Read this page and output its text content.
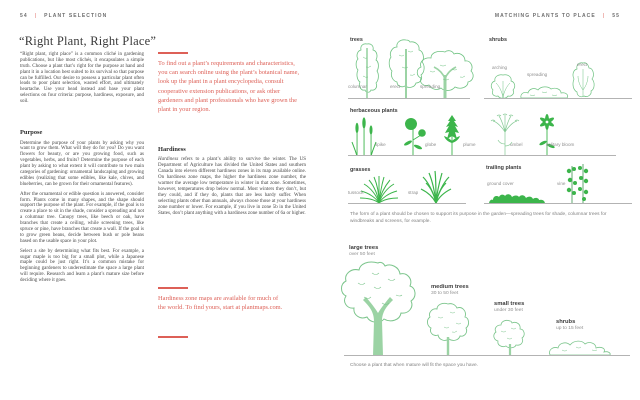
54 | PLANT SELECTION
“Right Plant, Right Place”

“Right plant, right place” is a common cliché in gardening publications, but like most clichés, it encapsulates a simple truth. Choose a plant that’s right for the purpose at hand and plant it in a location best suited to its survival so that purpose can be fulfilled. Our desire to possess a particular plant often leads to poor plant selection, wasted effort, and ultimately heartache. Use your head instead and base your plant selections on four criteria: purpose, hardiness, exposure, and soil.

Purpose

Determine the purpose of your plants by asking why you want to grow them. What will they do for you? Do you want flowers for beauty, or are you growing food, such as vegetables, herbs, and fruits? Determine the purpose of each plant by asking to what extent it will contribute to two main categories of gardening: ornamental landscaping and growing edibles (realizing that some edibles, like kale, chives, and blueberries, can be grown for their ornamental features).

After the ornamental or edible question is answered, consider form. Plants come in many shapes, and the shape should support the purpose of the plant. For example, if the goal is to create a place to sit in the shade, consider a spreading and not a columnar tree. Canopy trees, like beech or oak, have branches that create a ceiling, while screening trees, like spruce or pine, have branches that create a wall. If the goal is to grow green beans, decide between bush or pole beans based on the usable space in your plot.

Select a site by determining what fits best. For example, a sugar maple is too big for a small plot, while a Japanese maple could be just right. It’s a common mistake for beginning gardeners to underestimate the space a large plant will require. Research and learn a plant’s mature size before deciding where it goes.

To find out a plant’s requirements and characteristics, you can search online using the plant’s botanical name, look up the plant in a plant encyclopedia, consult cooperative extension publications, or ask other gardeners and plant professionals who have grown the plant in your region.
Hardiness
Hardiness refers to a plant’s ability to survive the winter. The US Department of Agriculture has divided the United States and southern Canada into eleven different hardiness zones in its map available online. On hardiness zone maps, the higher the hardiness zone number, the warmer the average low temperature in winter in that zone. Sometimes, however, temperatures drop below normal. Most winters they don’t, but they could, and if they do, plants that are less hardy suffer. When selecting plants other than annuals, always choose those at your hardiness zone number or lower. For example, if you live in zone 5b in the United States, don’t plant anything with a hardiness zone number of 6a or higher.
Hardiness zone maps are available for much of the world. To find yours, start at plantmaps.com.
MATCHING PLANTS TO PLACE | 55
trees
columnar	erect	spreading
shrubs
arching
spreading
erect
herbaceous plants
spike	globe	plume	umbel	solitary bloom
grasses
tussock	strap
trailing plants
ground cover	vine
The form of a plant should be chosen to support its purpose in the garden—spreading trees for shade, columnar trees for windbreaks and screens, for example.
large trees
over 50 feet
medium trees
30 to 50 feet
small trees
under 30 feet
shrubs
up to 15 feet
Choose a plant that when mature will fit the space you have.
